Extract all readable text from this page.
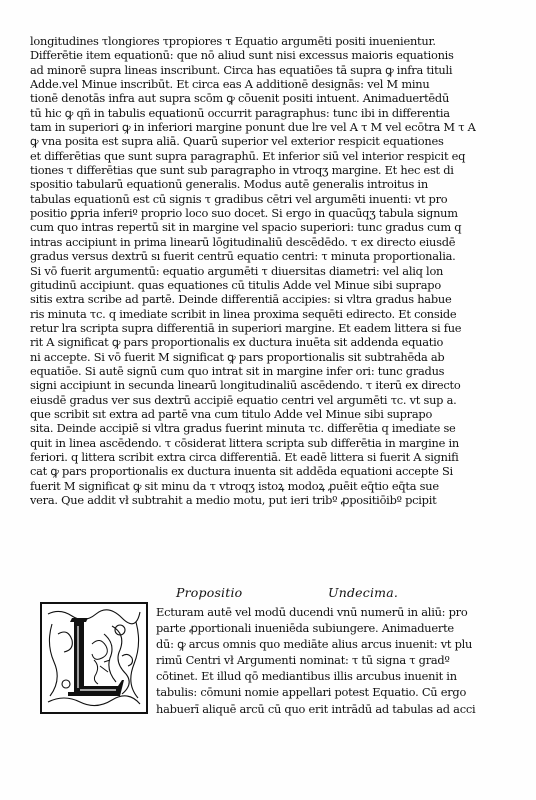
longitudines τlongiores τpropiores τ Equatio argumēti positi inuenientur.
Differētie item equationū: que nō aliud sunt nisi excessus maioris equationis
ad minorē supra lineas inscribunt. Circa has equatiōes tā supra ꝙ infra tituli
Adde.vel Minue inscribūt. Et circa eas A additionē designās: vel M minu
tionē denotās infra aut supra scōm ꝙ cōuenit positi intuent. Animaduertēdū
tū hic ꝙ qñ in tabulis equationū occurrit paragraphus: tunc ibi in differentia
tam in superiori ꝙ in inferiori margine ponunt due lre vel A τ M vel ecōtra M τ A
ꝙ vna posita est supra aliā. Quarū superior vel exterior respicit equationes
et differētias que sunt supra paragraphū. Et inferior siū vel interior respicit eq
tiones τ differētias que sunt sub paragrapho in vtroqʒ margine. Et hec est di
spositio tabularū equationū generalis. Modus autē generalis introitus in
tabulas equationū est cū signis τ gradibus cētri vel argumēti inuenti: vt pro
positio ꝑpria inferiº proprio loco suo docet. Si ergo in quacūqʒ tabula signum
cum quo intras repertū sit in margine vel spacio superiori: tunc gradus cum q
intras accipiunt in prima linearū lōgitudinaliū descēdēdo. τ ex directo eiusdē
gradus versus dextrū sı fuerit centrū equatio centri: τ minuta proportionalia.
Si vō fuerit argumentū: equatio argumēti τ diuersitas diametri: vel aliq lon
gitudinū accipiunt. quas equationes cū titulis Adde vel Minue sibi suprapo
sitis extra scribe ad partē. Deinde differentiā accipies: si vltra gradus habue
ris minuta τc. q imediate scribit in linea proxima sequēti edirecto. Et conside
retur lra scripta supra differentiā in superiori margine. Et eadem littera si fue
rit A significat ꝙ pars proportionalis ex ductura inuēta sit addenda equatio
ni accepte. Si vō fuerit M significat ꝙ pars proportionalis sit subtrahēda ab
equatiōe. Si autē signū cum quo intrat sit in margine infer ori: tunc gradus
signi accipiunt in secunda linearū longitudinaliū ascēdendo. τ iterū ex directo
eiusdē gradus ver sus dextrū accipiē equatio centri vel argumēti τc. vt sup a.
que scribit sıt extra ad partē vna cum titulo Adde vel Minue sibi suprapo
sita. Deinde accipiē si vltra gradus fuerint minuta τc. differētia q imediate se
quit in linea ascēdendo. τ cōsiderat littera scripta sub differētia in margine in
feriori. q littera scribit extra circa differentiā. Et eadē littera si fuerit A signifi
cat ꝙ pars proportionalis ex ductura inuenta sit addēda equationi accepte Si
fuerit M significat ꝙ sit minu da τ vtroqʒ istoꝝ modoꝝ ꝓuēit eq̄tio eq̄ta sue
vera. Que addit vł subtrahit a medio motu, put ieri tribº ꝓpositiōibº pcipit
Propositio	Undecima.
Ecturam autē vel modū ducendi vnū numerū in aliū: pro
parte ꝓportionali inueniēda subiungere. Animaduerte
dū: ꝙ arcus omnis quo mediāte alius arcus inuenit: vt plu
rimū Centri vł Argumenti nominat: τ tū signa τ gradº
cōtinet. Et illud qō mediantibus illis arcubus inuenit in
tabulis: cōmuni nomie appellari potest Equatio. Cū ergo
habuerī aliquē arcū cū quo erit intrādū ad tabulas ad acci
